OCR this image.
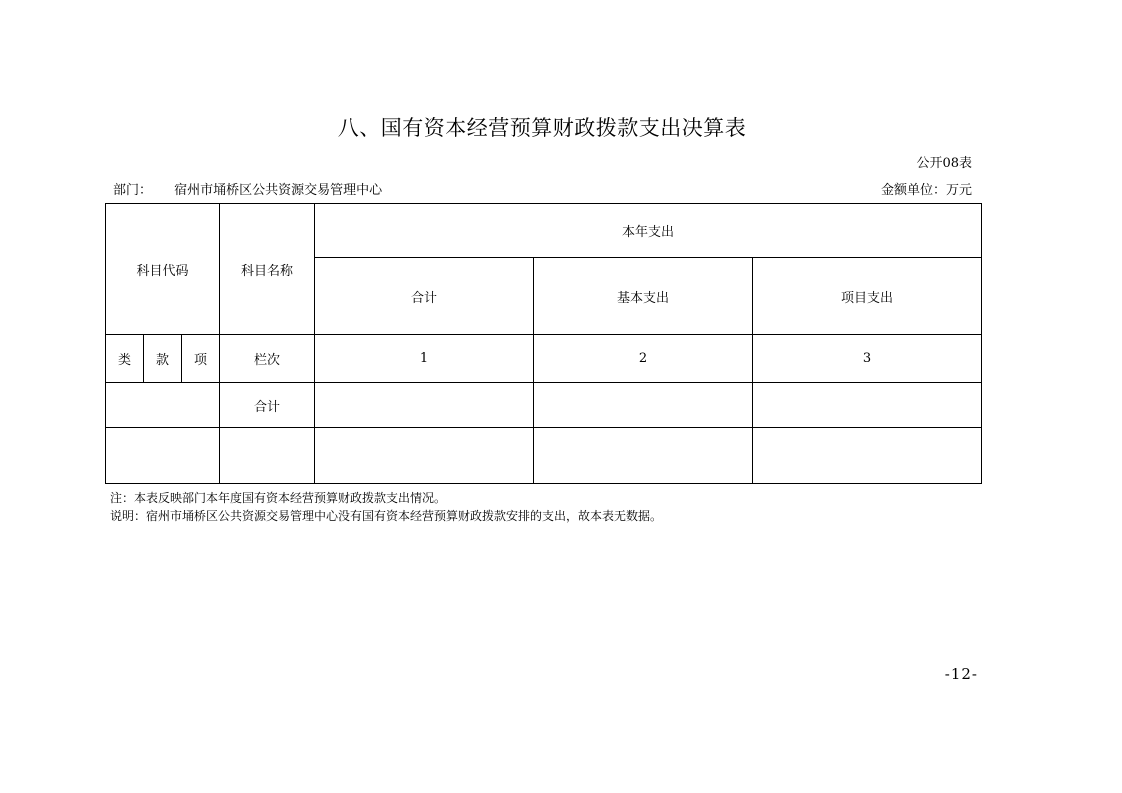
八、国有资本经营预算财政拨款支出决算表
公开08表
部门： 宿州市埇桥区公共资源交易管理中心	金额单位：万元
科目代码			科目名称	本年支出		
				合计	基本支出	项目支出
类	款	项	栏次	1	2	3
			合计			

注：本表反映部门本年度国有资本经营预算财政拨款支出情况。
说明：宿州市埇桥区公共资源交易管理中心没有国有资本经营预算财政拨款安排的支出，故本表无数据。
-12-
